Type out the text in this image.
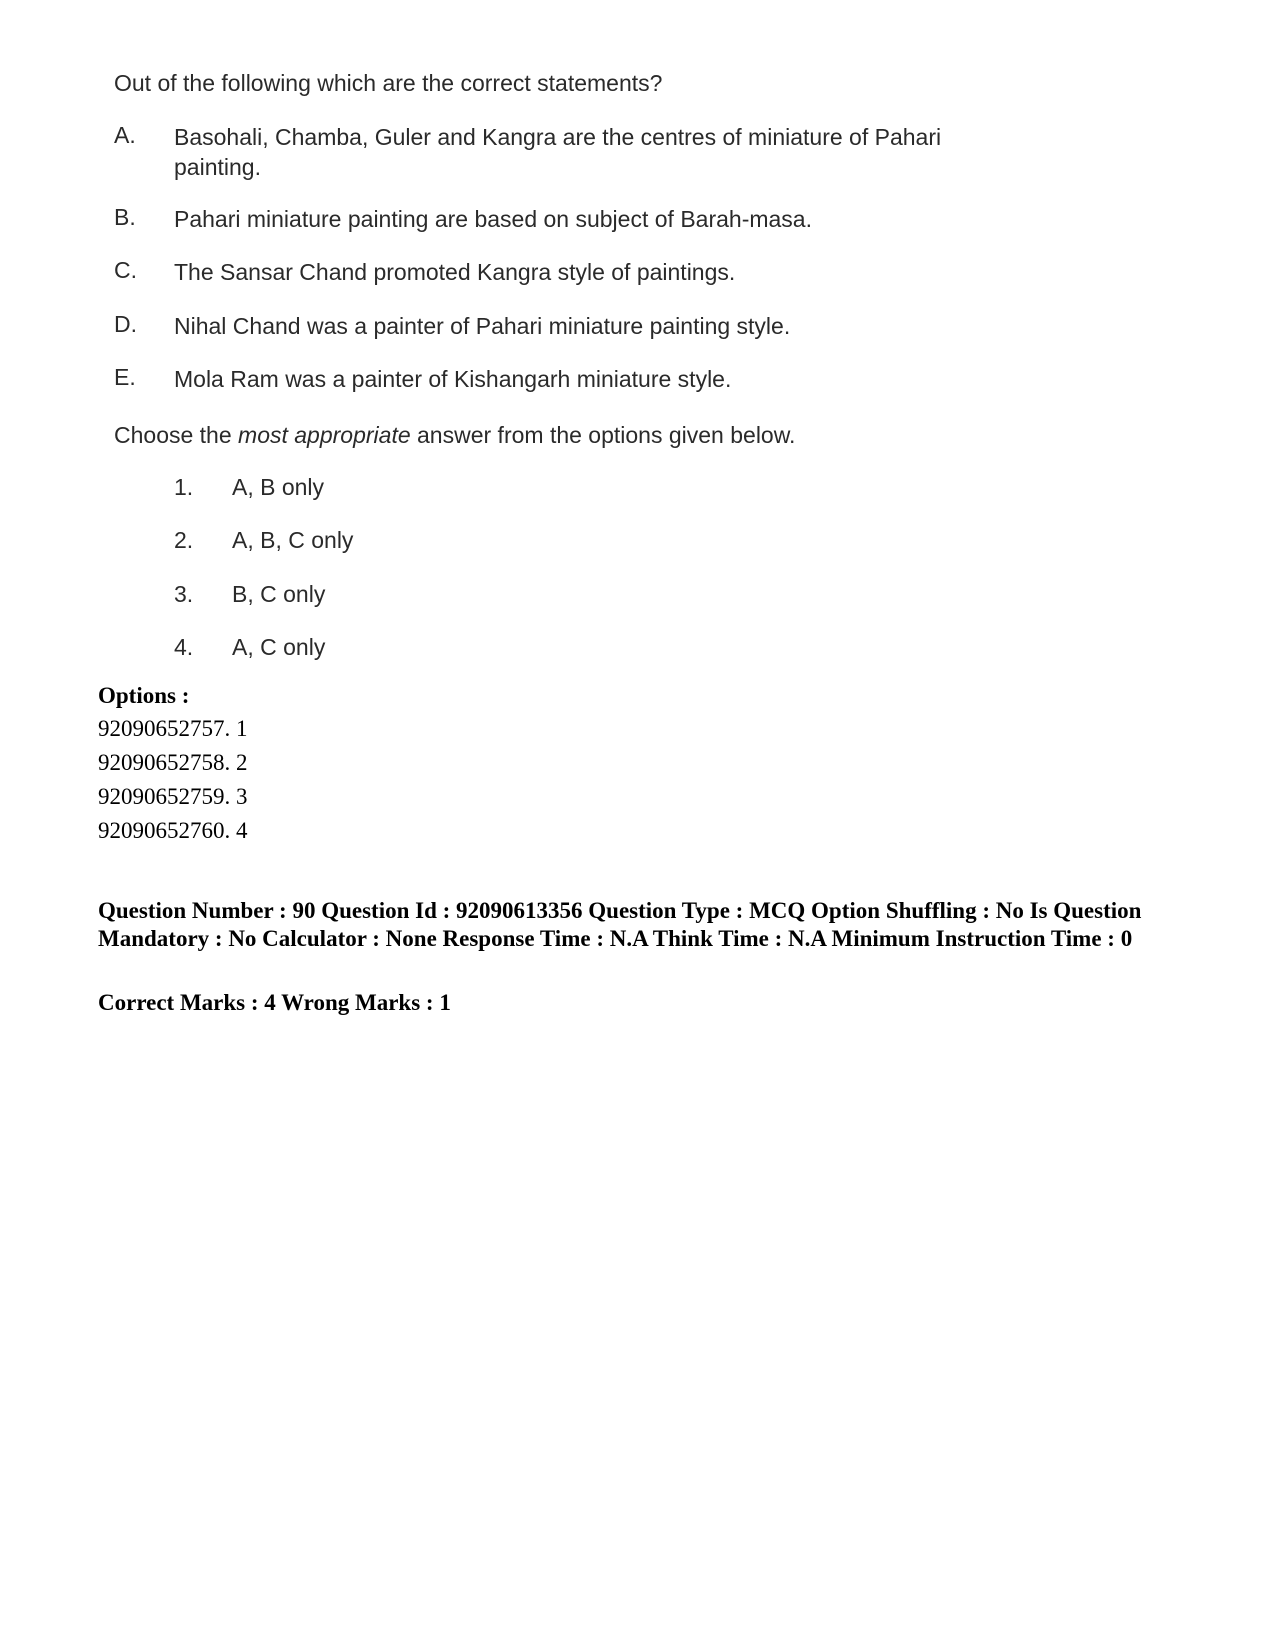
Out of the following which are the correct statements?
A. Basohali, Chamba, Guler and Kangra are the centres of miniature of Pahari painting.
B. Pahari miniature painting are based on subject of Barah-masa.
C. The Sansar Chand promoted Kangra style of paintings.
D. Nihal Chand was a painter of Pahari miniature painting style.
E. Mola Ram was a painter of Kishangarh miniature style.
Choose the most appropriate answer from the options given below.
1. A, B only
2. A, B, C only
3. B, C only
4. A, C only
Options :
92090652757. 1
92090652758. 2
92090652759. 3
92090652760. 4
Question Number : 90 Question Id : 92090613356 Question Type : MCQ Option Shuffling : No Is Question Mandatory : No Calculator : None Response Time : N.A Think Time : N.A Minimum Instruction Time : 0
Correct Marks : 4 Wrong Marks : 1
